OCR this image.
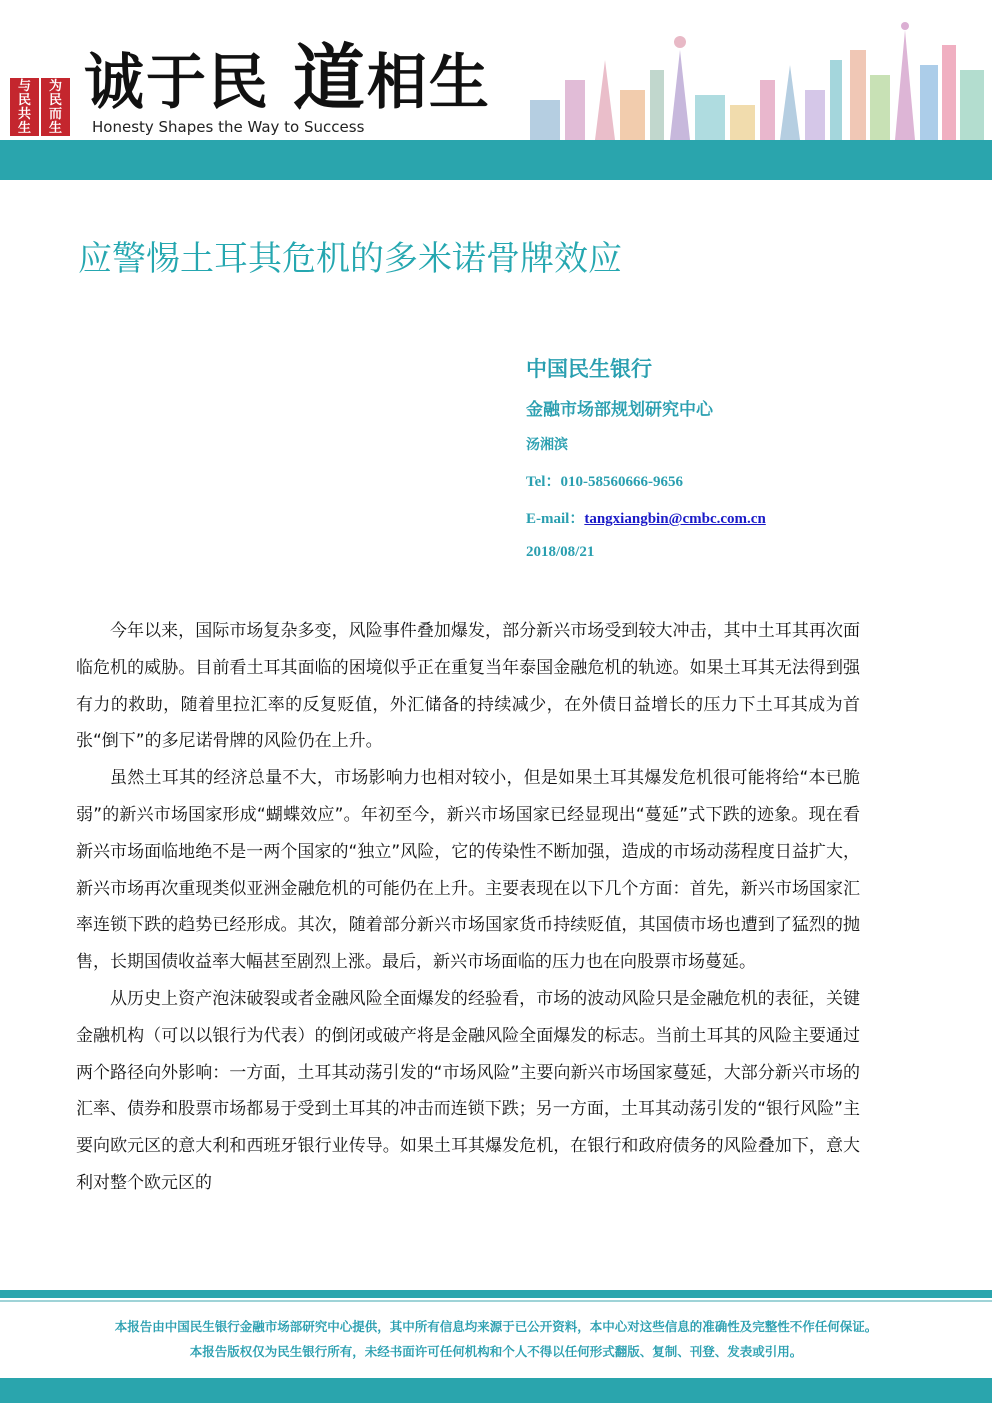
与民共生
为民而生
诚于民 道相生
Honesty Shapes the Way to Success
应警惕土耳其危机的多米诺骨牌效应
中国民生银行
金融市场部规划研究中心
汤湘滨
Tel：010-58560666-9656
E-mail：tangxiangbin@cmbc.com.cn
2018/08/21

今年以来，国际市场复杂多变，风险事件叠加爆发，部分新兴市场受到较大冲击，其中土耳其再次面临危机的威胁。目前看土耳其面临的困境似乎正在重复当年泰国金融危机的轨迹。如果土耳其无法得到强有力的救助，随着里拉汇率的反复贬值，外汇储备的持续减少，在外债日益增长的压力下土耳其成为首张“倒下”的多尼诺骨牌的风险仍在上升。

虽然土耳其的经济总量不大，市场影响力也相对较小，但是如果土耳其爆发危机很可能将给“本已脆弱”的新兴市场国家形成“蝴蝶效应”。年初至今，新兴市场国家已经显现出“蔓延”式下跌的迹象。现在看新兴市场面临地绝不是一两个国家的“独立”风险，它的传染性不断加强，造成的市场动荡程度日益扩大，新兴市场再次重现类似亚洲金融危机的可能仍在上升。主要表现在以下几个方面：首先，新兴市场国家汇率连锁下跌的趋势已经形成。其次，随着部分新兴市场国家货币持续贬值，其国债市场也遭到了猛烈的抛售，长期国债收益率大幅甚至剧烈上涨。最后，新兴市场面临的压力也在向股票市场蔓延。

从历史上资产泡沫破裂或者金融风险全面爆发的经验看，市场的波动风险只是金融危机的表征，关键金融机构（可以以银行为代表）的倒闭或破产将是金融风险全面爆发的标志。当前土耳其的风险主要通过两个路径向外影响：一方面，土耳其动荡引发的“市场风险”主要向新兴市场国家蔓延，大部分新兴市场的汇率、债券和股票市场都易于受到土耳其的冲击而连锁下跌；另一方面，土耳其动荡引发的“银行风险”主要向欧元区的意大利和西班牙银行业传导。如果土耳其爆发危机，在银行和政府债务的风险叠加下，意大利对整个欧元区的

本报告由中国民生银行金融市场部研究中心提供，其中所有信息均来源于已公开资料，本中心对这些信息的准确性及完整性不作任何保证。
本报告版权仅为民生银行所有，未经书面许可任何机构和个人不得以任何形式翻版、复制、刊登、发表或引用。
